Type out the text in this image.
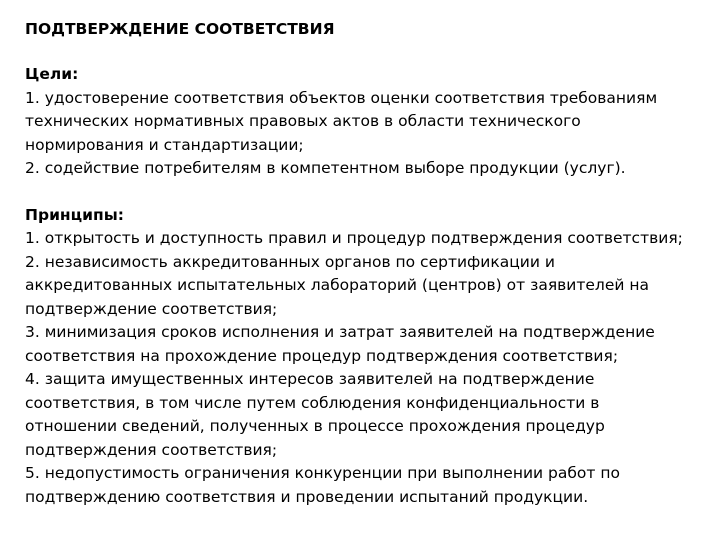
ПОДТВЕРЖДЕНИЕ СООТВЕТСТВИЯ

Цели:

1. удостоверение соответствия объектов оценки соответствия требованиям

технических нормативных правовых актов в области технического

нормирования и стандартизации;

2. содействие потребителям в компетентном выборе продукции (услуг).

Принципы:

1. открытость и доступность правил и процедур подтверждения соответствия;

2. независимость аккредитованных органов по сертификации и

аккредитованных испытательных лабораторий (центров) от заявителей на

подтверждение соответствия;

3. минимизация сроков исполнения и затрат заявителей на подтверждение

соответствия на прохождение процедур подтверждения соответствия;

4. защита имущественных интересов заявителей на подтверждение

соответствия, в том числе путем соблюдения конфиденциальности в

отношении сведений, полученных в процессе прохождения процедур

подтверждения соответствия;

5. недопустимость ограничения конкуренции при выполнении работ по

подтверждению соответствия и проведении испытаний продукции.
